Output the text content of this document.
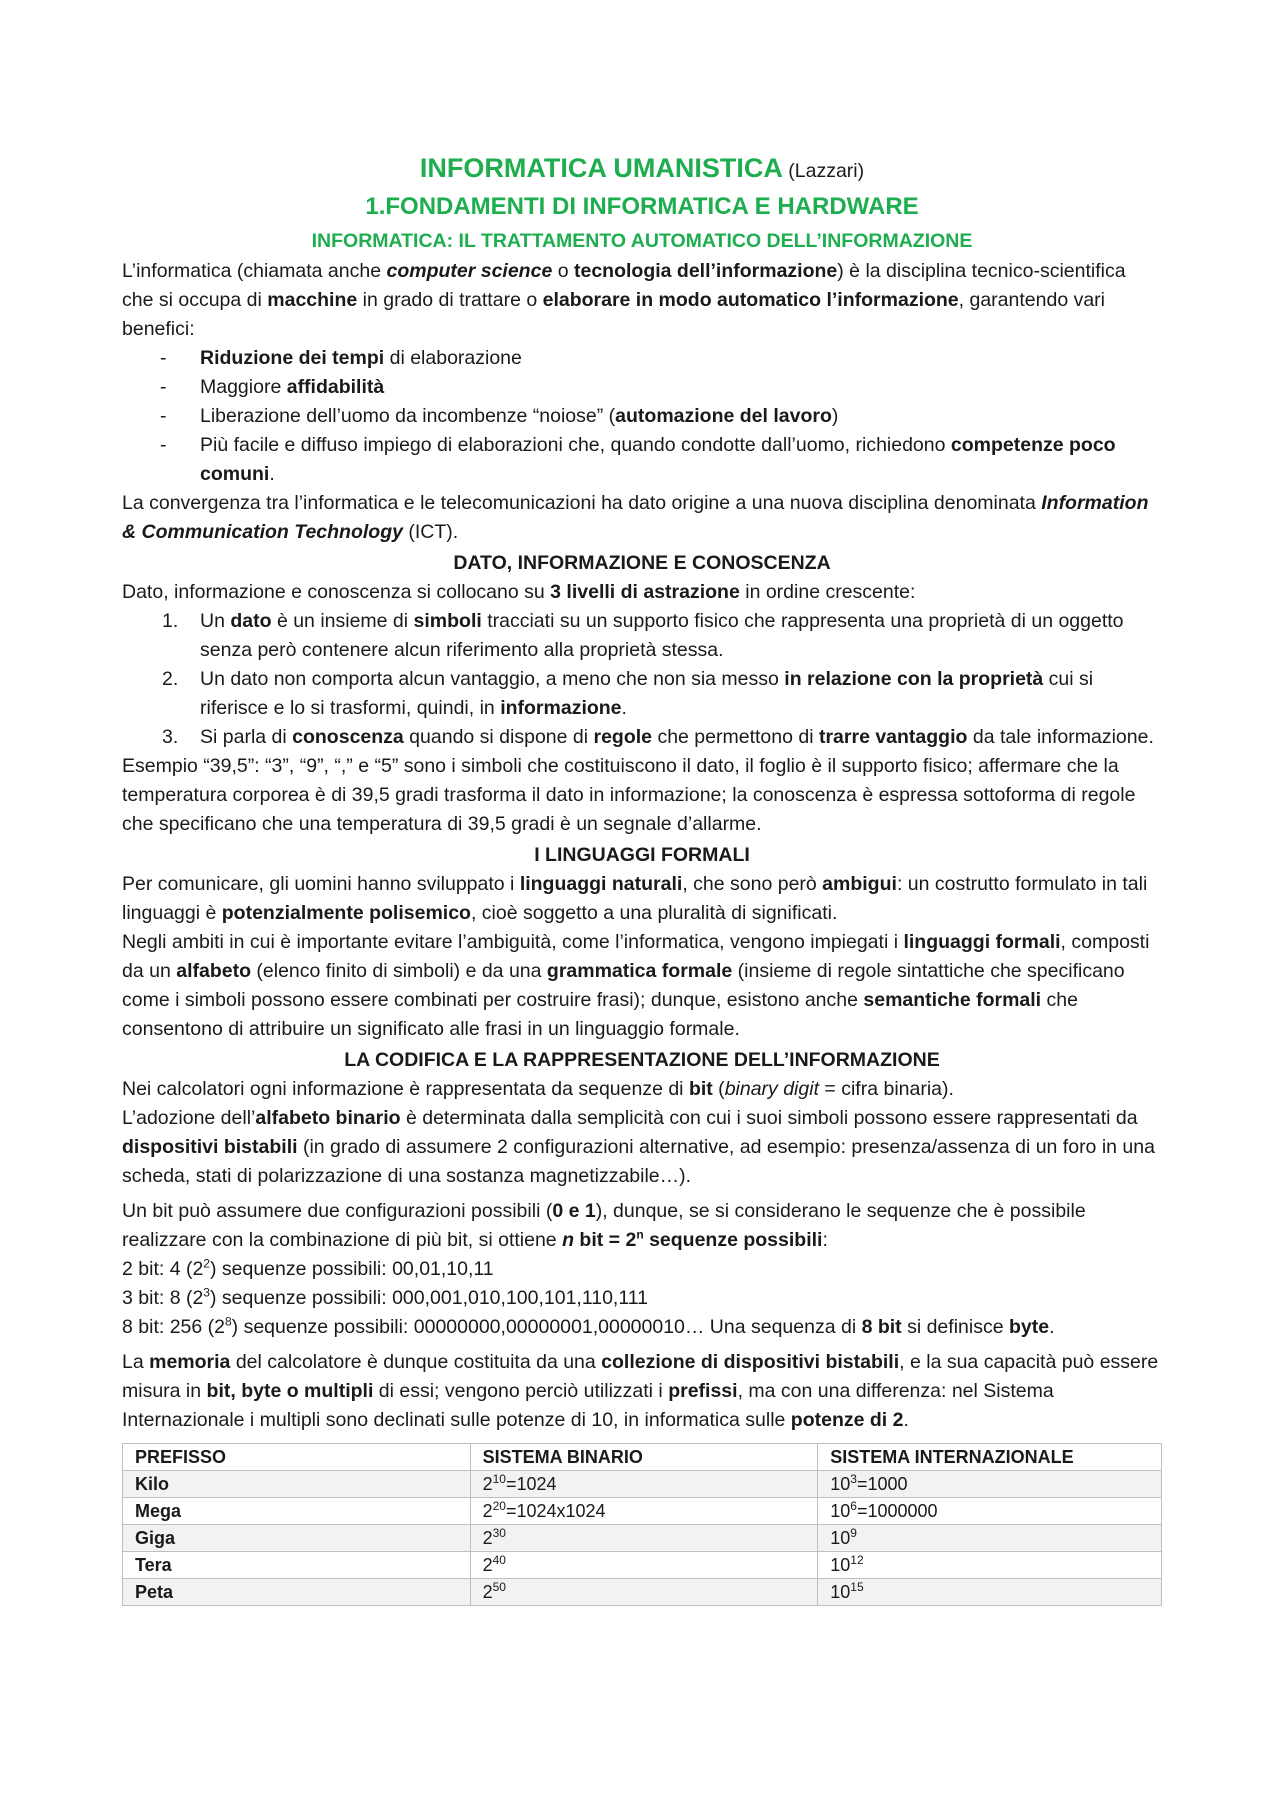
INFORMATICA UMANISTICA (Lazzari)
1.FONDAMENTI DI INFORMATICA E HARDWARE
INFORMATICA: IL TRATTAMENTO AUTOMATICO DELL’INFORMAZIONE

L’informatica (chiamata anche computer science o tecnologia dell’informazione) è la disciplina tecnico-scientifica che si occupa di macchine in grado di trattare o elaborare in modo automatico l’informazione, garantendo vari benefici:

- Riduzione dei tempi di elaborazione
- Maggiore affidabilità
- Liberazione dell’uomo da incombenze “noiose” (automazione del lavoro)
- Più facile e diffuso impiego di elaborazioni che, quando condotte dall’uomo, richiedono competenze poco comuni.

La convergenza tra l’informatica e le telecomunicazioni ha dato origine a una nuova disciplina denominata Information & Communication Technology (ICT).

DATO, INFORMAZIONE E CONOSCENZA

Dato, informazione e conoscenza si collocano su 3 livelli di astrazione in ordine crescente:

Un dato è un insieme di simboli tracciati su un supporto fisico che rappresenta una proprietà di un oggetto senza però contenere alcun riferimento alla proprietà stessa.
Un dato non comporta alcun vantaggio, a meno che non sia messo in relazione con la proprietà cui si riferisce e lo si trasformi, quindi, in informazione.
Si parla di conoscenza quando si dispone di regole che permettono di trarre vantaggio da tale informazione.

Esempio “39,5”: “3”, “9”, “,” e “5” sono i simboli che costituiscono il dato, il foglio è il supporto fisico; affermare che la temperatura corporea è di 39,5 gradi trasforma il dato in informazione; la conoscenza è espressa sottoforma di regole che specificano che una temperatura di 39,5 gradi è un segnale d’allarme.

I LINGUAGGI FORMALI

Per comunicare, gli uomini hanno sviluppato i linguaggi naturali, che sono però ambigui: un costrutto formulato in tali linguaggi è potenzialmente polisemico, cioè soggetto a una pluralità di significati.

Negli ambiti in cui è importante evitare l’ambiguità, come l’informatica, vengono impiegati i linguaggi formali, composti da un alfabeto (elenco finito di simboli) e da una grammatica formale (insieme di regole sintattiche che specificano come i simboli possono essere combinati per costruire frasi); dunque, esistono anche semantiche formali che consentono di attribuire un significato alle frasi in un linguaggio formale.

LA CODIFICA E LA RAPPRESENTAZIONE DELL’INFORMAZIONE

Nei calcolatori ogni informazione è rappresentata da sequenze di bit (binary digit = cifra binaria).

L’adozione dell’alfabeto binario è determinata dalla semplicità con cui i suoi simboli possono essere rappresentati da dispositivi bistabili (in grado di assumere 2 configurazioni alternative, ad esempio: presenza/assenza di un foro in una scheda, stati di polarizzazione di una sostanza magnetizzabile…).

Un bit può assumere due configurazioni possibili (0 e 1), dunque, se si considerano le sequenze che è possibile realizzare con la combinazione di più bit, si ottiene n bit = $2^n$ sequenze possibili:

2 bit: 4 $(2^2)$ sequenze possibili: 00,01,10,11

3 bit: 8 $(2^3)$ sequenze possibili: 000,001,010,100,101,110,111

8 bit: 256 $(2^8)$ sequenze possibili: 00000000,00000001,00000010… Una sequenza di 8 bit si definisce byte.

La memoria del calcolatore è dunque costituita da una collezione di dispositivi bistabili, e la sua capacità può essere misura in bit, byte o multipli di essi; vengono perciò utilizzati i prefissi, ma con una differenza: nel Sistema Internazionale i multipli sono declinati sulle potenze di 10, in informatica sulle potenze di 2.

PREFISSO	SISTEMA BINARIO	SISTEMA INTERNAZIONALE
Kilo	$2^{10}=1024$	$10^3=1000$
Mega	$2^{20}=1024x1024$	$10^6=1000000$
Giga	$2^{30}$	$10^9$
Tera	$2^{40}$	$10^{12}$
Peta	$2^{50}$	$10^{15}$
